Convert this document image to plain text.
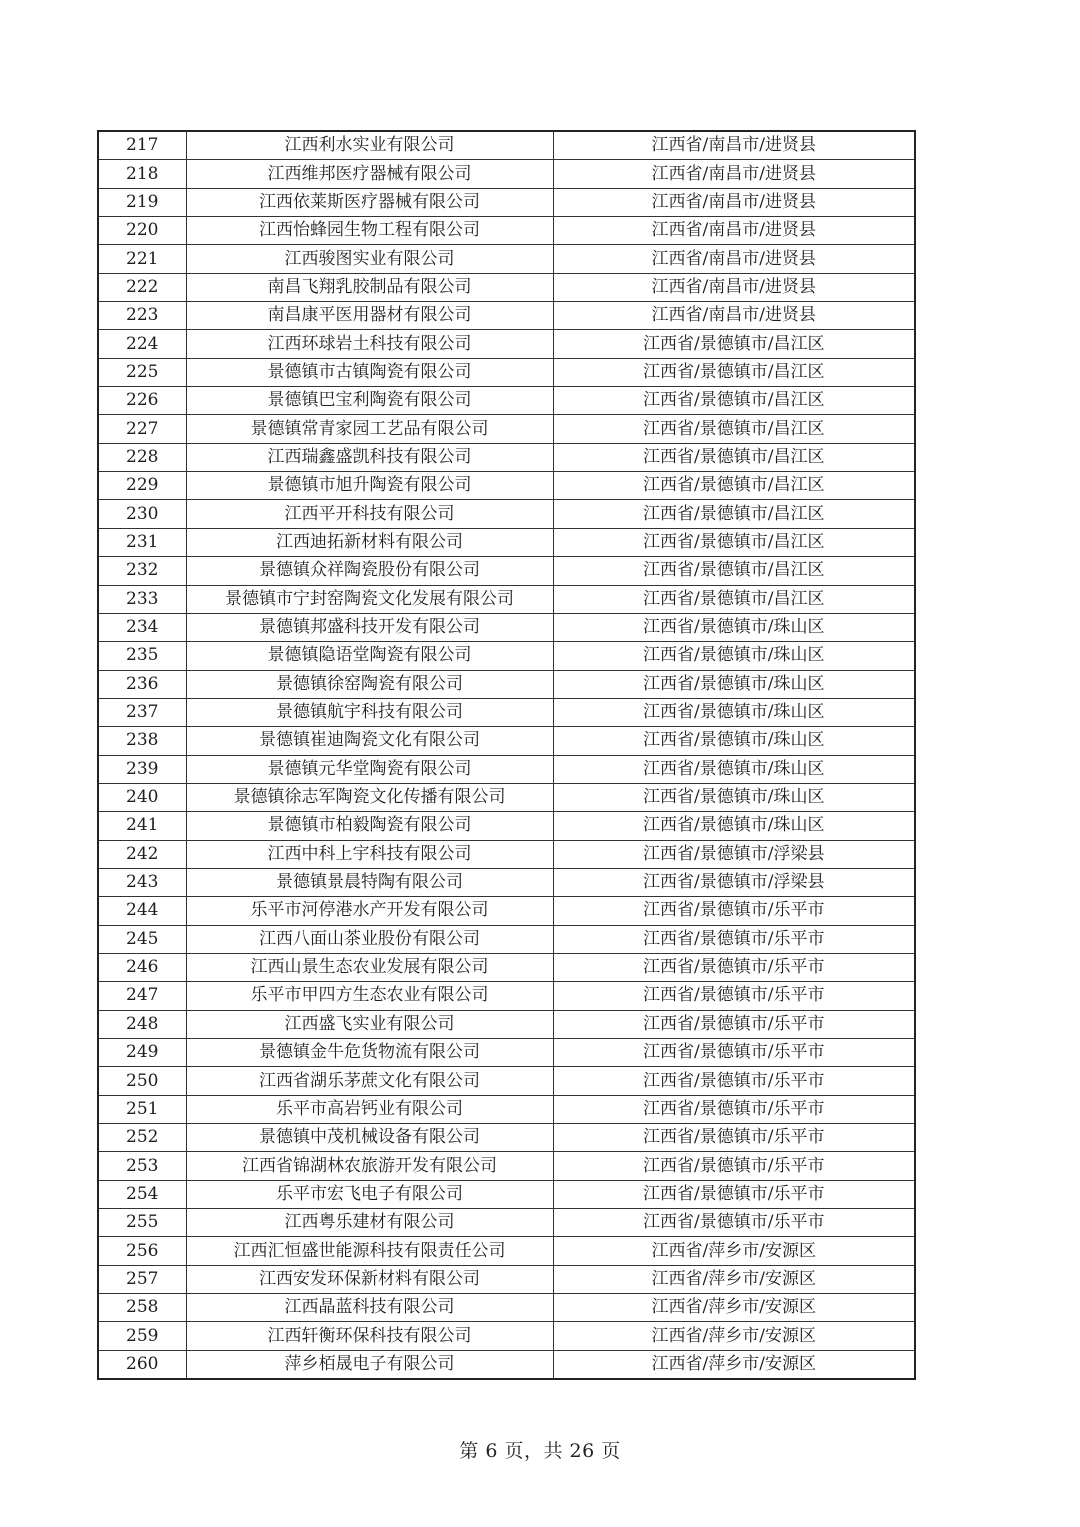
217	江西利水实业有限公司	江西省/南昌市/进贤县
218	江西维邦医疗器械有限公司	江西省/南昌市/进贤县
219	江西依莱斯医疗器械有限公司	江西省/南昌市/进贤县
220	江西怡蜂园生物工程有限公司	江西省/南昌市/进贤县
221	江西骏图实业有限公司	江西省/南昌市/进贤县
222	南昌飞翔乳胶制品有限公司	江西省/南昌市/进贤县
223	南昌康平医用器材有限公司	江西省/南昌市/进贤县
224	江西环球岩土科技有限公司	江西省/景德镇市/昌江区
225	景德镇市古镇陶瓷有限公司	江西省/景德镇市/昌江区
226	景德镇巴宝利陶瓷有限公司	江西省/景德镇市/昌江区
227	景德镇常青家园工艺品有限公司	江西省/景德镇市/昌江区
228	江西瑞鑫盛凯科技有限公司	江西省/景德镇市/昌江区
229	景德镇市旭升陶瓷有限公司	江西省/景德镇市/昌江区
230	江西平开科技有限公司	江西省/景德镇市/昌江区
231	江西迪拓新材料有限公司	江西省/景德镇市/昌江区
232	景德镇众祥陶瓷股份有限公司	江西省/景德镇市/昌江区
233	景德镇市宁封窑陶瓷文化发展有限公司	江西省/景德镇市/昌江区
234	景德镇邦盛科技开发有限公司	江西省/景德镇市/珠山区
235	景德镇隐语堂陶瓷有限公司	江西省/景德镇市/珠山区
236	景德镇徐窑陶瓷有限公司	江西省/景德镇市/珠山区
237	景德镇航宇科技有限公司	江西省/景德镇市/珠山区
238	景德镇崔迪陶瓷文化有限公司	江西省/景德镇市/珠山区
239	景德镇元华堂陶瓷有限公司	江西省/景德镇市/珠山区
240	景德镇徐志军陶瓷文化传播有限公司	江西省/景德镇市/珠山区
241	景德镇市柏毅陶瓷有限公司	江西省/景德镇市/珠山区
242	江西中科上宇科技有限公司	江西省/景德镇市/浮梁县
243	景德镇景晨特陶有限公司	江西省/景德镇市/浮梁县
244	乐平市河停港水产开发有限公司	江西省/景德镇市/乐平市
245	江西八面山茶业股份有限公司	江西省/景德镇市/乐平市
246	江西山景生态农业发展有限公司	江西省/景德镇市/乐平市
247	乐平市甲四方生态农业有限公司	江西省/景德镇市/乐平市
248	江西盛飞实业有限公司	江西省/景德镇市/乐平市
249	景德镇金牛危货物流有限公司	江西省/景德镇市/乐平市
250	江西省湖乐茅蔗文化有限公司	江西省/景德镇市/乐平市
251	乐平市高岩钙业有限公司	江西省/景德镇市/乐平市
252	景德镇中茂机械设备有限公司	江西省/景德镇市/乐平市
253	江西省锦湖林农旅游开发有限公司	江西省/景德镇市/乐平市
254	乐平市宏飞电子有限公司	江西省/景德镇市/乐平市
255	江西粤乐建材有限公司	江西省/景德镇市/乐平市
256	江西汇恒盛世能源科技有限责任公司	江西省/萍乡市/安源区
257	江西安发环保新材料有限公司	江西省/萍乡市/安源区
258	江西晶蓝科技有限公司	江西省/萍乡市/安源区
259	江西轩衡环保科技有限公司	江西省/萍乡市/安源区
260	萍乡栢晟电子有限公司	江西省/萍乡市/安源区
第 6 页，共 26 页
